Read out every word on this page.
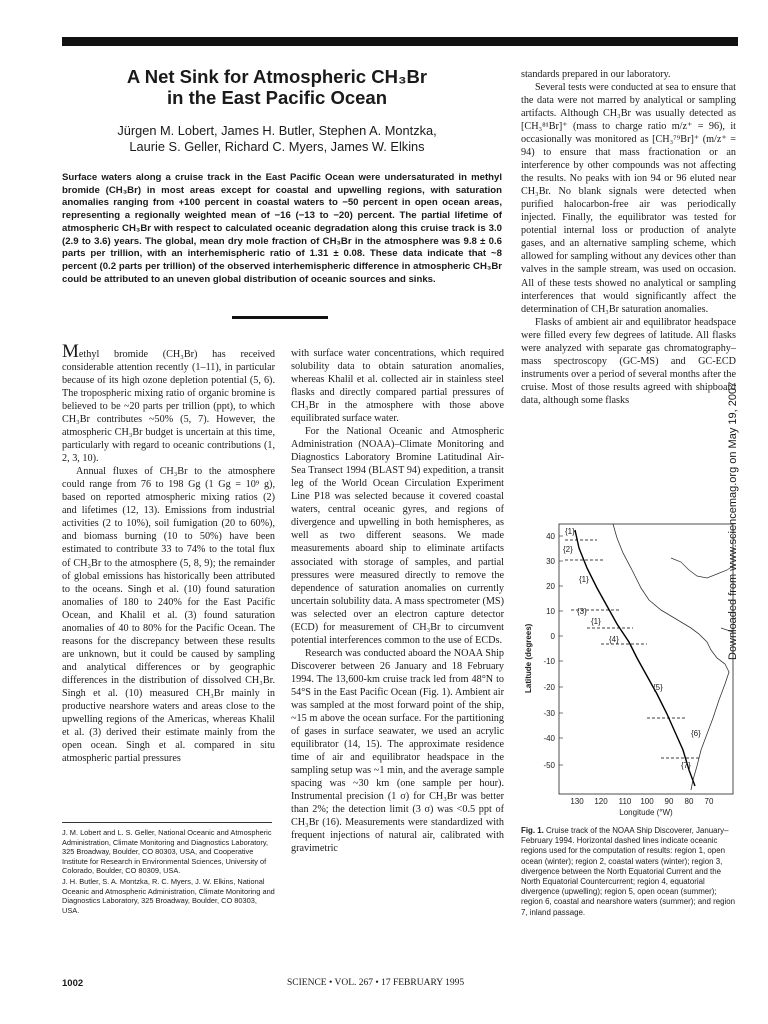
A Net Sink for Atmospheric CH₃Br
in the East Pacific Ocean
Jürgen M. Lobert, James H. Butler, Stephen A. Montzka,
Laurie S. Geller, Richard C. Myers, James W. Elkins
Surface waters along a cruise track in the East Pacific Ocean were undersaturated in methyl bromide (CH₃Br) in most areas except for coastal and upwelling regions, with saturation anomalies ranging from +100 percent in coastal waters to −50 percent in open ocean areas, representing a regionally weighted mean of −16 (−13 to −20) percent. The partial lifetime of atmospheric CH₃Br with respect to calculated oceanic degradation along this cruise track is 3.0 (2.9 to 3.6) years. The global, mean dry mole fraction of CH₃Br in the atmosphere was 9.8 ± 0.6 parts per trillion, with an interhemispheric ratio of 1.31 ± 0.08. These data indicate that ~8 percent (0.2 parts per trillion) of the observed interhemispheric difference in atmospheric CH₃Br could be attributed to an uneven global distribution of oceanic sources and sinks.

Methyl bromide (CH₃Br) has received considerable attention recently (1–11), in particular because of its high ozone depletion potential (5, 6). The tropospheric mixing ratio of organic bromine is believed to be ~20 parts per trillion (ppt), to which CH₃Br contributes ~50% (5, 7). However, the atmospheric CH₃Br budget is uncertain at this time, particularly with regard to oceanic contributions (1, 2, 3, 10).

Annual fluxes of CH₃Br to the atmosphere could range from 76 to 198 Gg (1 Gg = 10⁹ g), based on reported atmospheric mixing ratios (2) and lifetimes (12, 13). Emissions from industrial activities (2 to 10%), soil fumigation (20 to 60%), and biomass burning (10 to 50%) have been estimated to contribute 33 to 74% to the total flux of CH₃Br to the atmosphere (5, 8, 9); the remainder of global emissions has historically been attributed to the oceans. Singh et al. (10) found saturation anomalies of 180 to 240% for the East Pacific Ocean, and Khalil et al. (3) found saturation anomalies of 40 to 80% for the Pacific Ocean. The reasons for the discrepancy between these results are unknown, but it could be caused by sampling and analytical differences or by geographic differences in the distribution of dissolved CH₃Br. Singh et al. (10) measured CH₃Br mainly in productive nearshore waters and areas close to the upwelling regions of the Americas, whereas Khalil et al. (3) derived their estimate mainly from the open ocean. Singh et al. compared in situ atmospheric partial pressures

J. M. Lobert and L. S. Geller, National Oceanic and Atmospheric Administration, Climate Monitoring and Diagnostics Laboratory, 325 Broadway, Boulder, CO 80303, USA, and Cooperative Institute for Research in Environmental Sciences, University of Colorado, Boulder, CO 80309, USA.

J. H. Butler, S. A. Montzka, R. C. Myers, J. W. Elkins, National Oceanic and Atmospheric Administration, Climate Monitoring and Diagnostics Laboratory, 325 Broadway, Boulder, CO 80303, USA.

with surface water concentrations, which required solubility data to obtain saturation anomalies, whereas Khalil et al. collected air in stainless steel flasks and directly compared partial pressures of CH₃Br in the atmosphere with those above equilibrated surface water.

For the National Oceanic and Atmospheric Administration (NOAA)–Climate Monitoring and Diagnostics Laboratory Bromine Latitudinal Air-Sea Transect 1994 (BLAST 94) expedition, a transit leg of the World Ocean Circulation Experiment Line P18 was selected because it covered coastal waters, central oceanic gyres, and regions of divergence and upwelling in both hemispheres, as well as two different seasons. We made measurements aboard ship to eliminate artifacts associated with storage of samples, and partial pressures were measured directly to remove the dependence of saturation anomalies on currently uncertain solubility data. A mass spectrometer (MS) was selected over an electron capture detector (ECD) for measurement of CH₃Br to circumvent potential interferences common to the use of ECDs.

Research was conducted aboard the NOAA Ship Discoverer between 26 January and 18 February 1994. The 13,600-km cruise track led from 48°N to 54°S in the East Pacific Ocean (Fig. 1). Ambient air was sampled at the most forward point of the ship, ~15 m above the ocean surface. For the partitioning of gases in surface seawater, we used an acrylic equilibrator (14, 15). The approximate residence time of air and equilibrator headspace in the sampling setup was ~1 min, and the average sample spacing was ~30 km (one sample per hour). Instrumental precision (1 σ) for CH₃Br was better than 2%; the detection limit (3 σ) was <0.5 ppt of CH₃Br (16). Measurements were standardized with frequent injections of natural air, calibrated with gravimetric

standards prepared in our laboratory.

Several tests were conducted at sea to ensure that the data were not marred by analytical or sampling artifacts. Although CH₃Br was usually detected as [CH₃⁸¹Br]⁺ (mass to charge ratio m/z⁺ = 96), it occasionally was monitored as [CH₃⁷⁹Br]⁺ (m/z⁺ = 94) to ensure that mass fractionation or an interference by other compounds was not affecting the results. No peaks with ion 94 or 96 eluted near CH₃Br. No blank signals were detected when purified halocarbon-free air was periodically injected. Finally, the equilibrator was tested for potential internal loss or production of analyte gases, and an alternative sampling scheme, which allowed for sampling without any devices other than valves in the sample stream, was used on occasion. All of these tests showed no analytical or sampling interferences that would significantly affect the determination of CH₃Br saturation anomalies.

Flasks of ambient air and equilibrator headspace were filled every few degrees of latitude. All flasks were analyzed with separate gas chromatography–mass spectroscopy (GC-MS) and GC-ECD instruments over a period of several months after the cruise. Most of those results agreed with shipboard data, although some flasks

40
30
20
10
0
-10
-20
-30
-40
-50
130 120 110 100 90 80 70
Longitude (°W)
Latitude (degrees)
{1}
{2}
{1}
{3}
{1}
{4}
{5}
{6}
{7}
Fig. 1. Cruise track of the NOAA Ship Discoverer, January–February 1994. Horizontal dashed lines indicate oceanic regions used for the computation of results: region 1, open ocean (winter); region 2, coastal waters (winter); region 3, divergence between the North Equatorial Current and the North Equatorial Countercurrent; region 4, equatorial divergence (upwelling); region 5, open ocean (summer); region 6, coastal and nearshore waters (summer); and region 7, inland passage.
Downloaded from www.sciencemag.org on May 19, 2007
1002	SCIENCE • VOL. 267 • 17 FEBRUARY 1995
